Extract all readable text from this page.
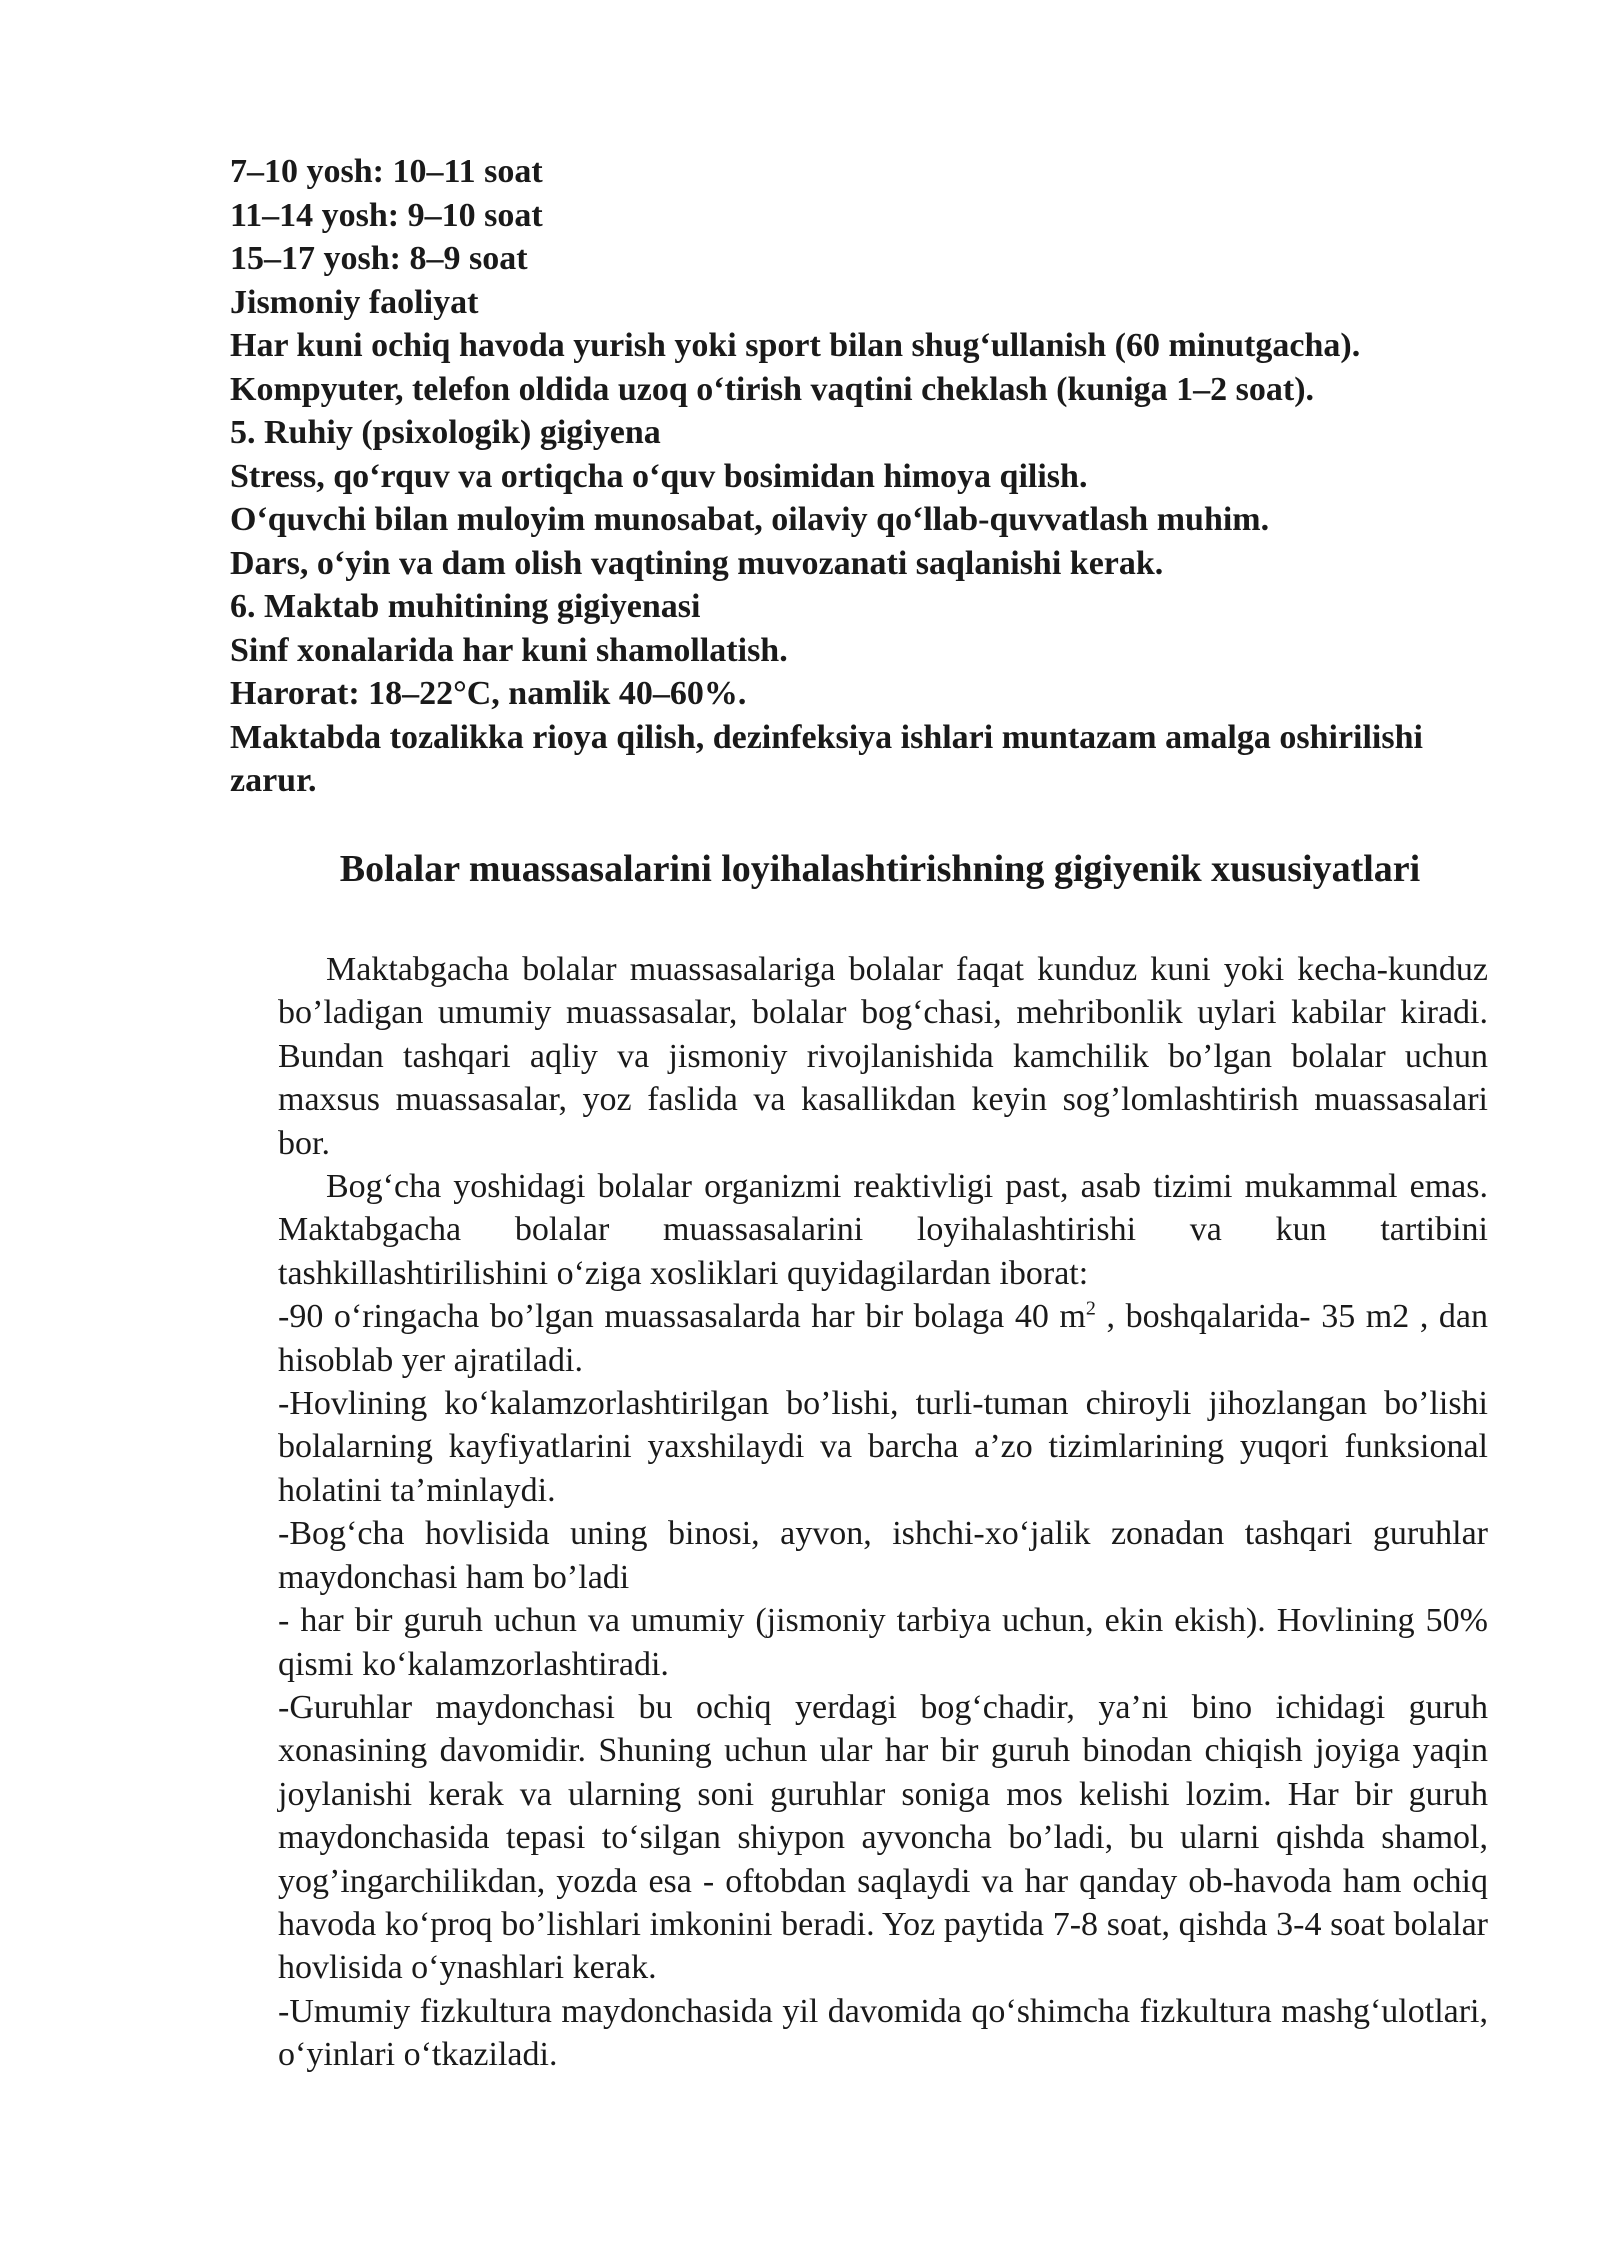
7–10 yosh: 10–11 soat
11–14 yosh: 9–10 soat
15–17 yosh: 8–9 soat
Jismoniy faoliyat
Har kuni ochiq havoda yurish yoki sport bilan shug‘ullanish (60 minutgacha).
Kompyuter, telefon oldida uzoq o‘tirish vaqtini cheklash (kuniga 1–2 soat).
5. Ruhiy (psixologik) gigiyena
Stress, qo‘rquv va ortiqcha o‘quv bosimidan himoya qilish.
O‘quvchi bilan muloyim munosabat, oilaviy qo‘llab-quvvatlash muhim.
Dars, o‘yin va dam olish vaqtining muvozanati saqlanishi kerak.
6. Maktab muhitining gigiyenasi
Sinf xonalarida har kuni shamollatish.
Harorat: 18–22°C, namlik 40–60%.
Maktabda tozalikka rioya qilish, dezinfeksiya ishlari muntazam amalga oshirilishi zarur.
Bolalar muassasalarini loyihalashtirishning gigiyenik xususiyatlari

Maktabgacha bolalar muassasalariga bolalar faqat kunduz kuni yoki kecha-kunduz bo’ladigan umumiy muassasalar, bolalar bog‘chasi, mehribonlik uylari kabilar kiradi. Bundan tashqari aqliy va jismoniy rivojlanishida kamchilik bo’lgan bolalar uchun maxsus muassasalar, yoz faslida va kasallikdan keyin sog’lomlashtirish muassasalari bor.

Bog‘cha yoshidagi bolalar organizmi reaktivligi past, asab tizimi mukammal emas. Maktabgacha bolalar muassasalarini loyihalashtirishi va kun tartibini tashkillashtirilishini o‘ziga xosliklari quyidagilardan iborat:

-90 o‘ringacha bo’lgan muassasalarda har bir bolaga 40 $m^2$ , boshqalarida- 35 m2 , dan hisoblab yer ajratiladi.

-Hovlining ko‘kalamzorlashtirilgan bo’lishi, turli-tuman chiroyli jihozlangan bo’lishi bolalarning kayfiyatlarini yaxshilaydi va barcha a’zo tizimlarining yuqori funksional holatini ta’minlaydi.

-Bog‘cha hovlisida uning binosi, ayvon, ishchi-xo‘jalik zonadan tashqari guruhlar maydonchasi ham bo’ladi

- har bir guruh uchun va umumiy (jismoniy tarbiya uchun, ekin ekish). Hovlining 50% qismi ko‘kalamzorlashtiradi.

-Guruhlar maydonchasi bu ochiq yerdagi bog‘chadir, ya’ni bino ichidagi guruh xonasining davomidir. Shuning uchun ular har bir guruh binodan chiqish joyiga yaqin joylanishi kerak va ularning soni guruhlar soniga mos kelishi lozim. Har bir guruh maydonchasida tepasi to‘silgan shiypon ayvoncha bo’ladi, bu ularni qishda shamol, yog’ingarchilikdan, yozda esa - oftobdan saqlaydi va har qanday ob-havoda ham ochiq havoda ko‘proq bo’lishlari imkonini beradi. Yoz paytida 7-8 soat, qishda 3-4 soat bolalar hovlisida o‘ynashlari kerak.

-Umumiy fizkultura maydonchasida yil davomida qo‘shimcha fizkultura mashg‘ulotlari, o‘yinlari o‘tkaziladi.
